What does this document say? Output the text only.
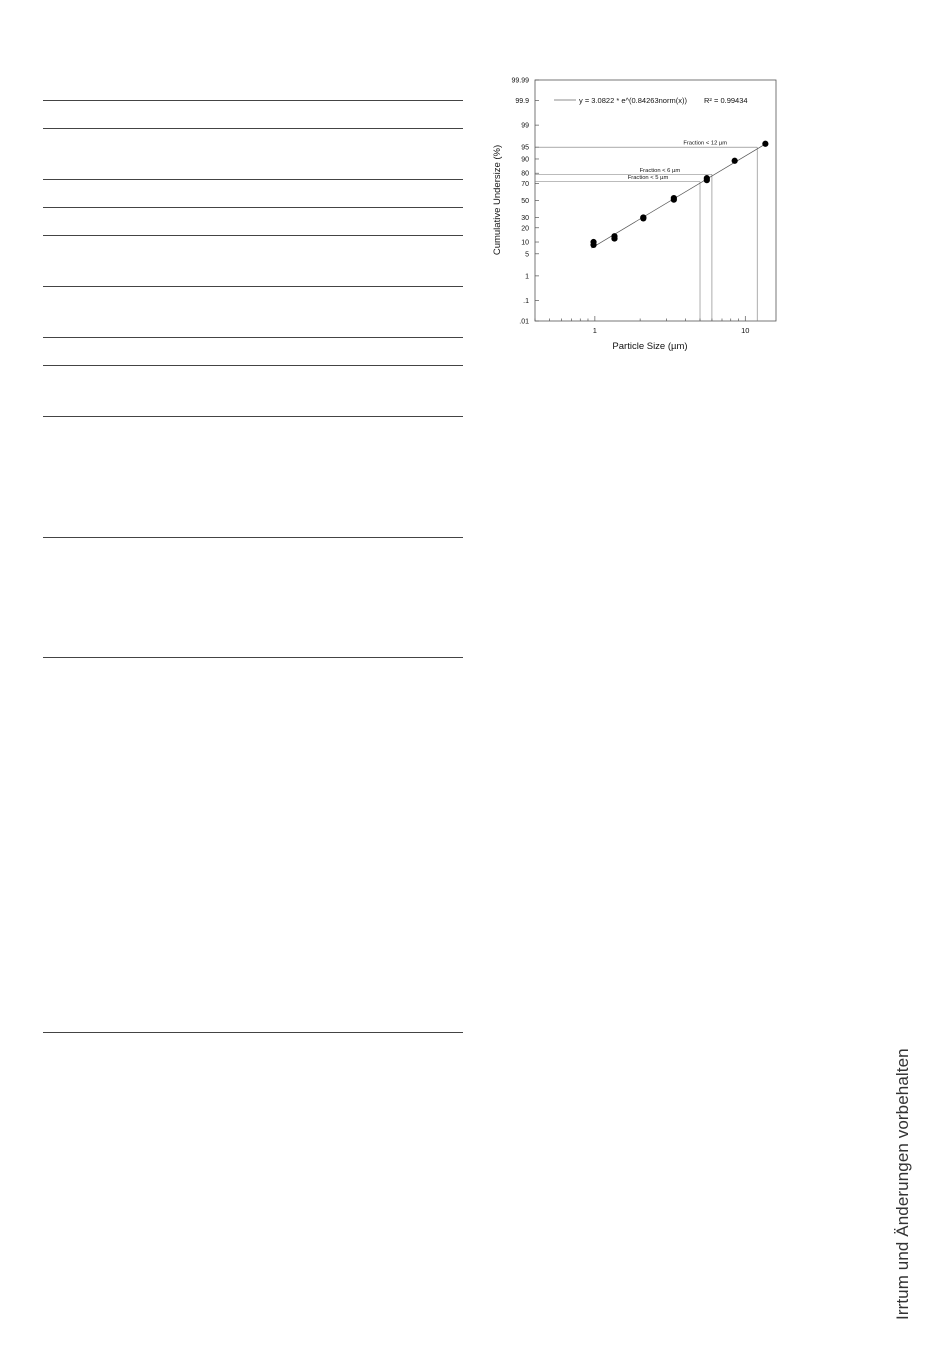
Fraction < 12 µm
Fraction < 6 µm
Fraction < 5 µm
.01
.1
1
5
10
20
30
50
70
80
90
95
99
99.9
99.99
1	10
y = 3.0822 * e^(0.84263norm(x)) R² = 0.99434
Particle Size (µm)
Cumulative Undersize (%)
Irrtum und Änderungen vorbehalten
